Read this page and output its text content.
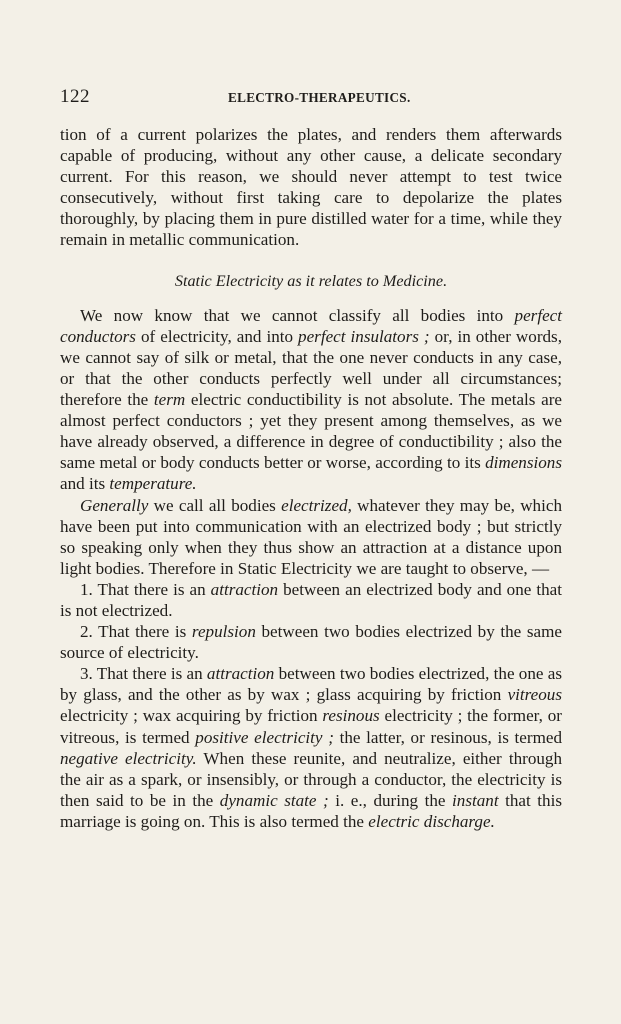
122	ELECTRO-THERAPEUTICS.

tion of a current polarizes the plates, and renders them afterwards capable of producing, without any other cause, a delicate secondary current. For this reason, we should never attempt to test twice consecutively, without first taking care to depolarize the plates thoroughly, by placing them in pure distilled water for a time, while they remain in metallic communication.

Static Electricity as it relates to Medicine.

We now know that we cannot classify all bodies into perfect conductors of electricity, and into perfect insulators ; or, in other words, we cannot say of silk or metal, that the one never conducts in any case, or that the other conducts perfectly well under all circumstances; therefore the term electric conductibility is not absolute. The metals are almost perfect conductors ; yet they present among themselves, as we have already observed, a difference in degree of conductibility ; also the same metal or body conducts better or worse, according to its dimensions and its temperature.

Generally we call all bodies electrized, whatever they may be, which have been put into communication with an electrized body ; but strictly so speaking only when they thus show an attraction at a distance upon light bodies. Therefore in Static Electricity we are taught to observe, —

1. That there is an attraction between an electrized body and one that is not electrized.

2. That there is repulsion between two bodies electrized by the same source of electricity.

3. That there is an attraction between two bodies electrized, the one as by glass, and the other as by wax ; glass acquiring by friction vitreous electricity ; wax acquiring by friction resinous electricity ; the former, or vitreous, is termed positive electricity ; the latter, or resinous, is termed negative electricity. When these reunite, and neutralize, either through the air as a spark, or insensibly, or through a conductor, the electricity is then said to be in the dynamic state ; i. e., during the instant that this marriage is going on. This is also termed the electric discharge.
